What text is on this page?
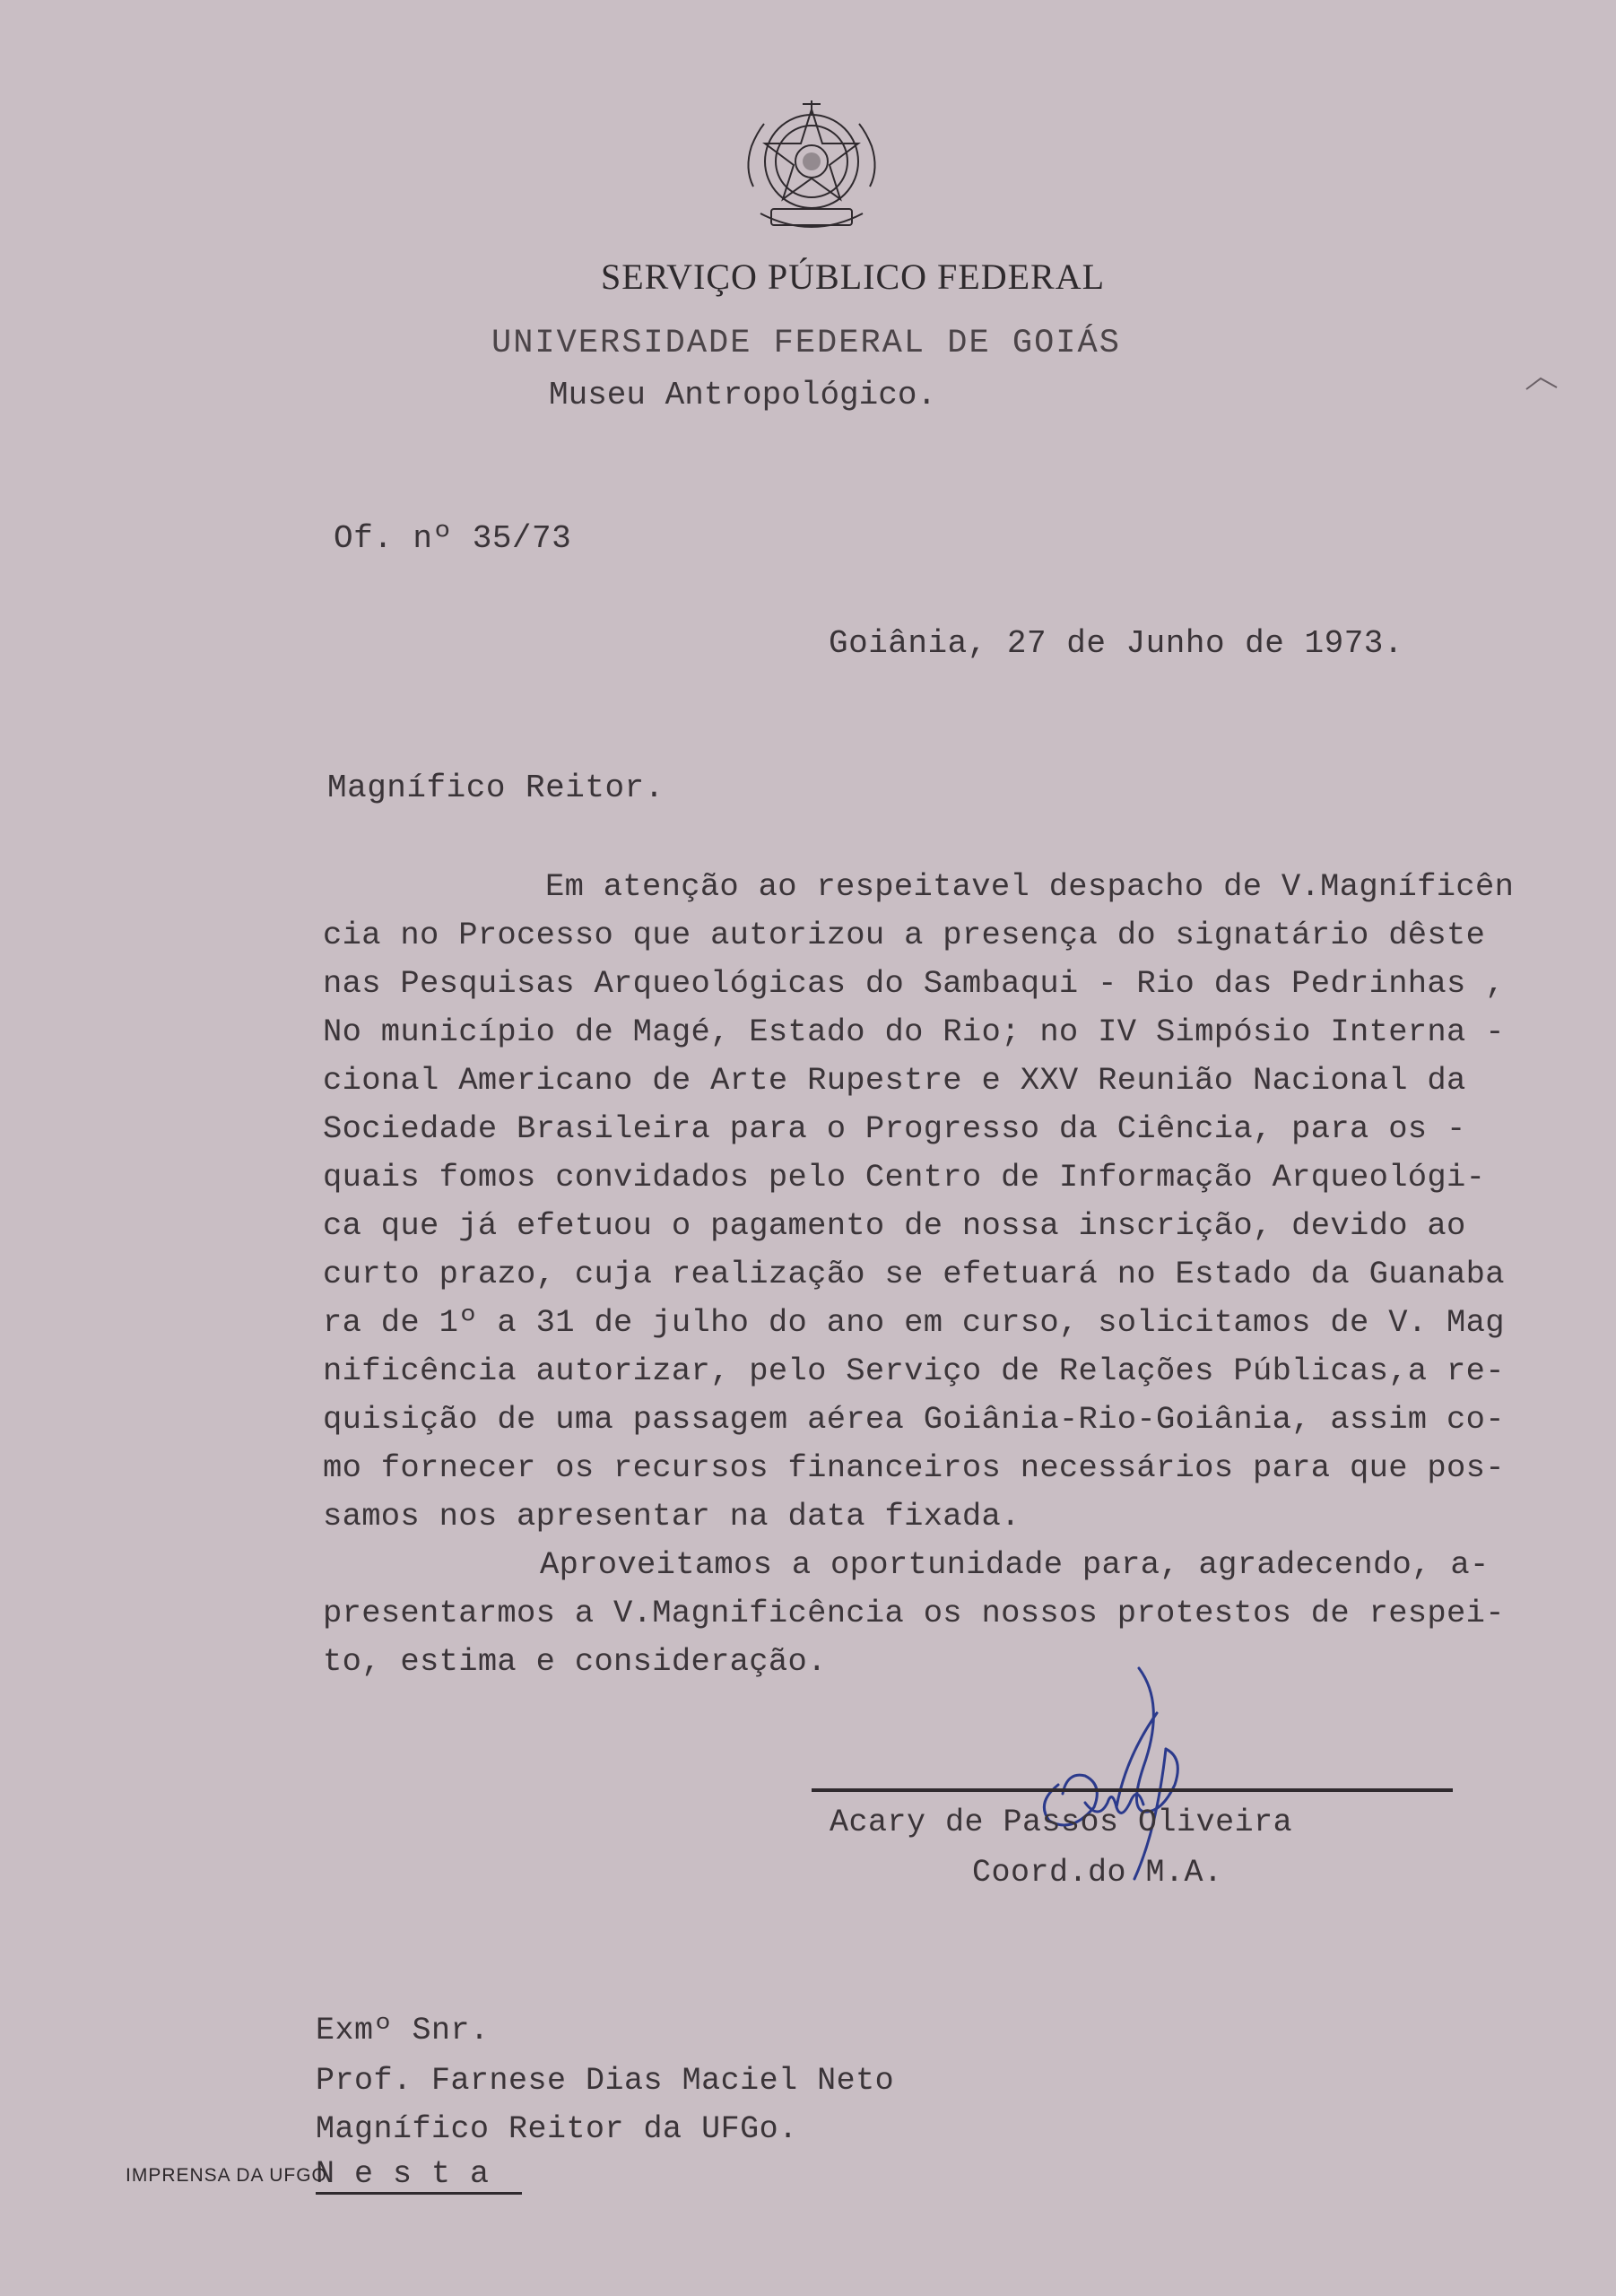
SERVIÇO PÚBLICO FEDERAL
UNIVERSIDADE FEDERAL DE GOIÁS
Museu Antropológico.
Of. nº 35/73
Goiânia, 27 de Junho de 1973.
Magnífico Reitor.
Em atenção ao respeitavel despacho de V.Magníficên
cia no Processo que autorizou a presença do signatário dêste
nas Pesquisas Arqueológicas do Sambaqui - Rio das Pedrinhas ,
No município de Magé, Estado do Rio; no IV Simpósio Interna -
cional Americano de Arte Rupestre e XXV Reunião Nacional da
Sociedade Brasileira para o Progresso da Ciência, para os -
quais fomos convidados pelo Centro de Informação Arqueológi-
ca que já efetuou o pagamento de nossa inscrição, devido ao
curto prazo, cuja realização se efetuará no Estado da Guanaba
ra de 1º a 31 de julho do ano em curso, solicitamos de V. Mag
nificência autorizar, pelo Serviço de Relações Públicas,a re-
quisição de uma passagem aérea Goiânia-Rio-Goiânia, assim co-
mo fornecer os recursos financeiros necessários para que pos-
samos nos apresentar na data fixada.
Aproveitamos a oportunidade para, agradecendo, a-
presentarmos a V.Magnificência os nossos protestos de respei-
to, estima e consideração.
Acary de Passos Oliveira
Coord.do M.A.
Exmº Snr.
Prof. Farnese Dias Maciel Neto
Magnífico Reitor da UFGo.
N e s t a
IMPRENSA DA UFGO
